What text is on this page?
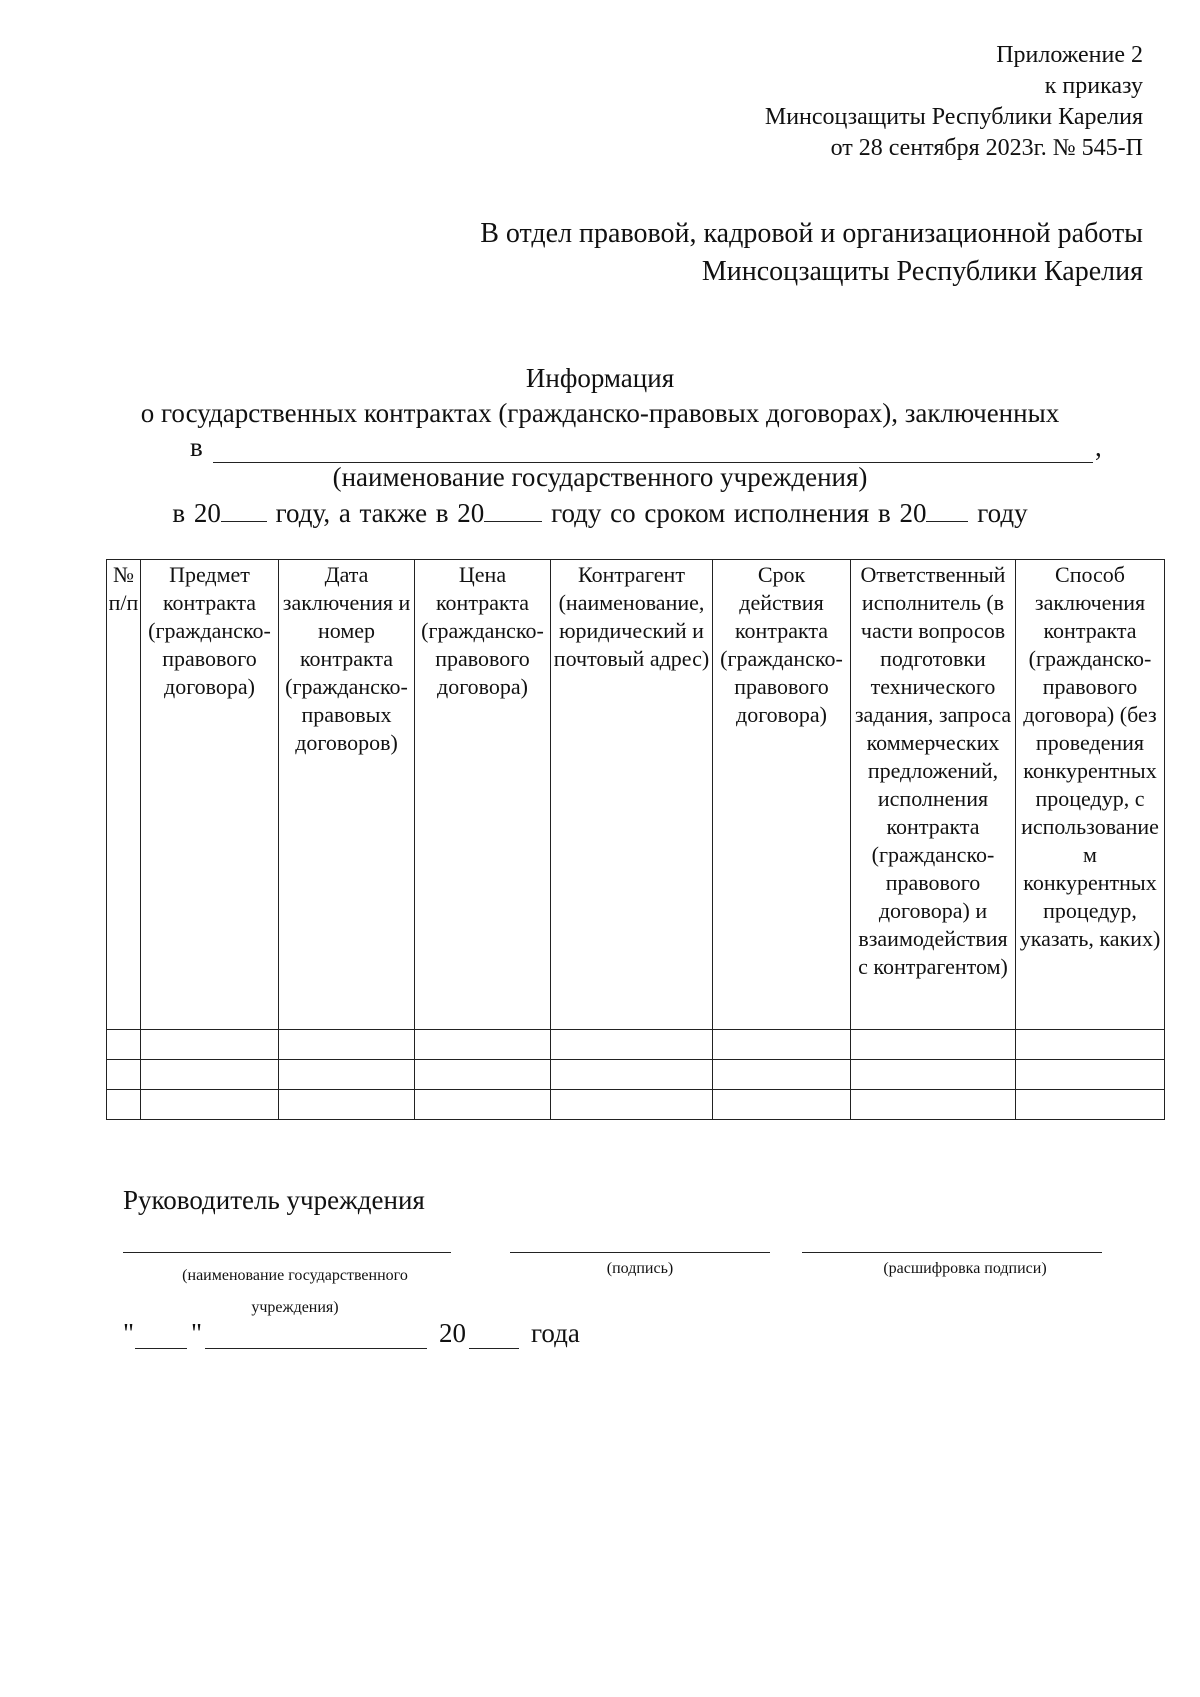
Приложение 2
к приказу
Минсоцзащиты Республики Карелия
от 28 сентября 2023г. № 545-П
В отдел правовой, кадровой и организационной работы
Минсоцзащиты Республики Карелия
Информация
о государственных контрактах (гражданско-правовых договорах), заключенных
в	,
(наименование государственного учреждения)
в 20 году, а также в 20 году со сроком исполнения в 20 году
№ п/п	Предмет контракта (гражданско-правового договора)	Дата заключения и номер контракта (гражданско-правовых договоров)	Цена контракта (гражданско-правового договора)	Контрагент (наименование, юридический и почтовый адрес)	Срок действия контракта (гражданско-правового договора)	Ответственный исполнитель (в части вопросов подготовки технического задания, запроса коммерческих предложений, исполнения контракта (гражданско-правового договора) и взаимодействия с контрагентом)	Способ заключения контракта (гражданско-правового договора) (без проведения конкурентных процедур, с использованием конкурентных процедур, указать, каких)

Руководитель учреждения
(наименование государственного учреждения)
(подпись)	(расшифровка подписи)
" "	20 года
